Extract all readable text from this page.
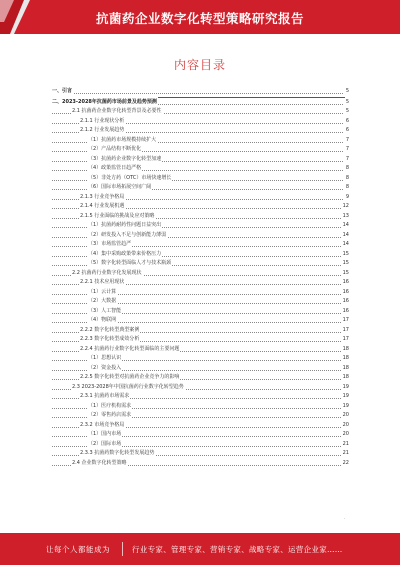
抗菌药企业数字化转型策略研究报告
内容目录
一、引言	5
二、2023-2028年抗菌药市场前景及趋势预测	5
2.1 抗菌药企业数字化转型背景及必要性	5
2.1.1 行业现状分析	6
2.1.2 行业发展趋势	6
（1）抗菌药市场规模持续扩大	7
（2）产品结构不断优化	7
（3）抗菌药企业数字化转型加速	7
（4）政策监管日趋严格	8
（5）非处方药（OTC）市场快速增长	8
（6）国际市场拓展空间广阔	8
2.1.3 行业竞争格局	9
2.1.4 行业发展机遇	12
2.1.5 行业面临的挑战及应对策略	13
（1）抗菌药耐药性问题日益突出	14
（2）研发投入不足与创新能力薄弱	14
（3）市场监管趋严	14
（4）集中采购政策带来价格压力	15
（5）数字化转型面临人才与技术瓶颈	15
2.2 抗菌药行业数字化发展现状	15
2.2.1 技术应用现状	16
（1）云计算	16
（2）大数据	16
（3）人工智能	16
（4）物联网	17
2.2.2 数字化转型典型案例	17
2.2.3 数字化转型成效分析	17
2.2.4 抗菌药行业数字化转型面临的主要问题	18
（1）思想认识	18
（2）资金投入	18
2.2.5 数字化转型对抗菌药企业竞争力的影响	18
2.3 2023-2028年中国抗菌药行业数字化转型趋势	19
2.3.1 抗菌药市场需求	19
（1）医疗机构需求	19
（2）零售药店需求	20
2.3.2 市场竞争格局	20
（1）国内市场	20
（2）国际市场	21
2.3.3 抗菌药数字化转型发展趋势	21
2.4 企业数字化转型策略	22
·
让每个人都能成为	行业专家、管理专家、营销专家、战略专家、运营企业家……
